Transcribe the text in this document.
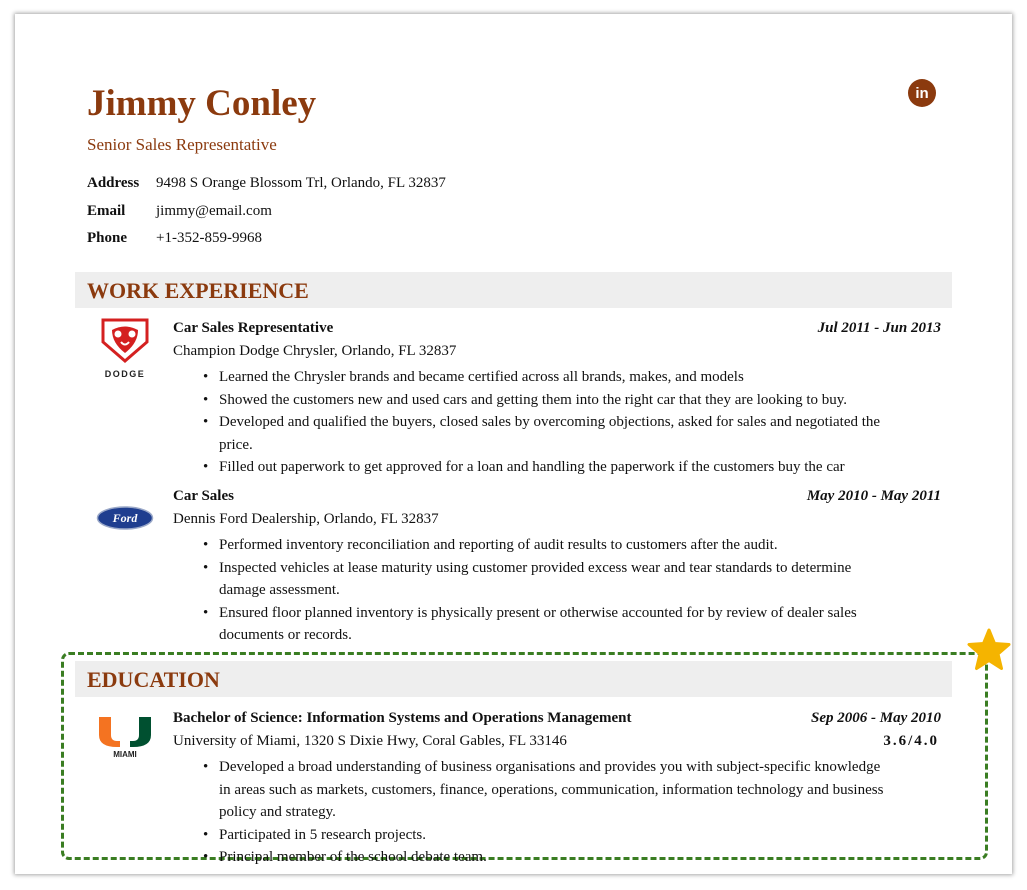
Jimmy Conley
Senior Sales Representative
in
Address 9498 S Orange Blossom Trl, Orlando, FL 32837
Email jimmy@email.com
Phone +1-352-859-9968
WORK EXPERIENCE
DODGE
Car Sales Representative	Jul 2011 - Jun 2013
Champion Dodge Chrysler, Orlando, FL 32837
• Learned the Chrysler brands and became certified across all brands, makes, and models
• Showed the customers new and used cars and getting them into the right car that they are looking to buy.
• Developed and qualified the buyers, closed sales by overcoming objections, asked for sales and negotiated the price.
• Filled out paperwork to get approved for a loan and handling the paperwork if the customers buy the car
Ford
Car Sales	May 2010 - May 2011
Dennis Ford Dealership, Orlando, FL 32837
• Performed inventory reconciliation and reporting of audit results to customers after the audit.
• Inspected vehicles at lease maturity using customer provided excess wear and tear standards to determine damage assessment.
• Ensured floor planned inventory is physically present or otherwise accounted for by review of dealer sales documents or records.
EDUCATION
MIAMI
Bachelor of Science: Information Systems and Operations Management	Sep 2006 - May 2010
University of Miami, 1320 S Dixie Hwy, Coral Gables, FL 33146	3.6/4.0
• Developed a broad understanding of business organisations and provides you with subject-specific knowledge in areas such as markets, customers, finance, operations, communication, information technology and business policy and strategy.
• Participated in 5 research projects.
• Principal member of the school debate team.
